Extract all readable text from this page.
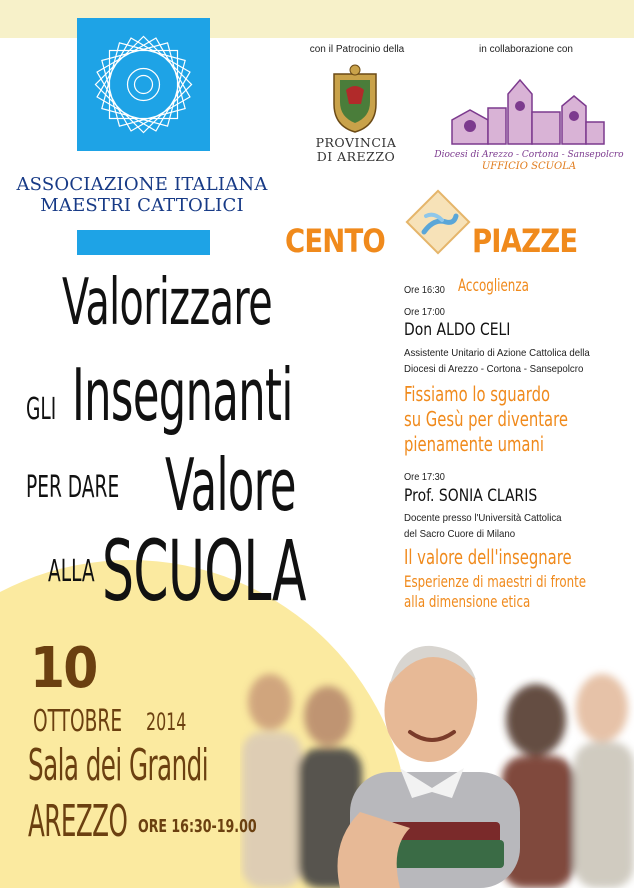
ASSOCIAZIONE ITALIANA
MAESTRI CATTOLICI
con il Patrocinio della
PROVINCIA
DI AREZZO
in collaborazione con
Diocesi di Arezzo - Cortona - Sansepolcro
UFFICIO SCUOLA
CENTO	PIAZZE
Valorizzare
GLI Insegnanti
PER DARE Valore
ALLA SCUOLA
Ore 16:30 Accoglienza
Ore 17:00
Don ALDO CELI
Assistente Unitario di Azione Cattolica della
Diocesi di Arezzo - Cortona - Sansepolcro
Fissiamo lo sguardo
su Gesù per diventare
pienamente umani
Ore 17:30
Prof. SONIA CLARIS
Docente presso l'Università Cattolica
del Sacro Cuore di Milano
Il valore dell'insegnare
Esperienze di maestri di fronte
alla dimensione etica
10
OTTOBRE 2014
Sala dei Grandi
AREZZO ORE 16:30-19.00
